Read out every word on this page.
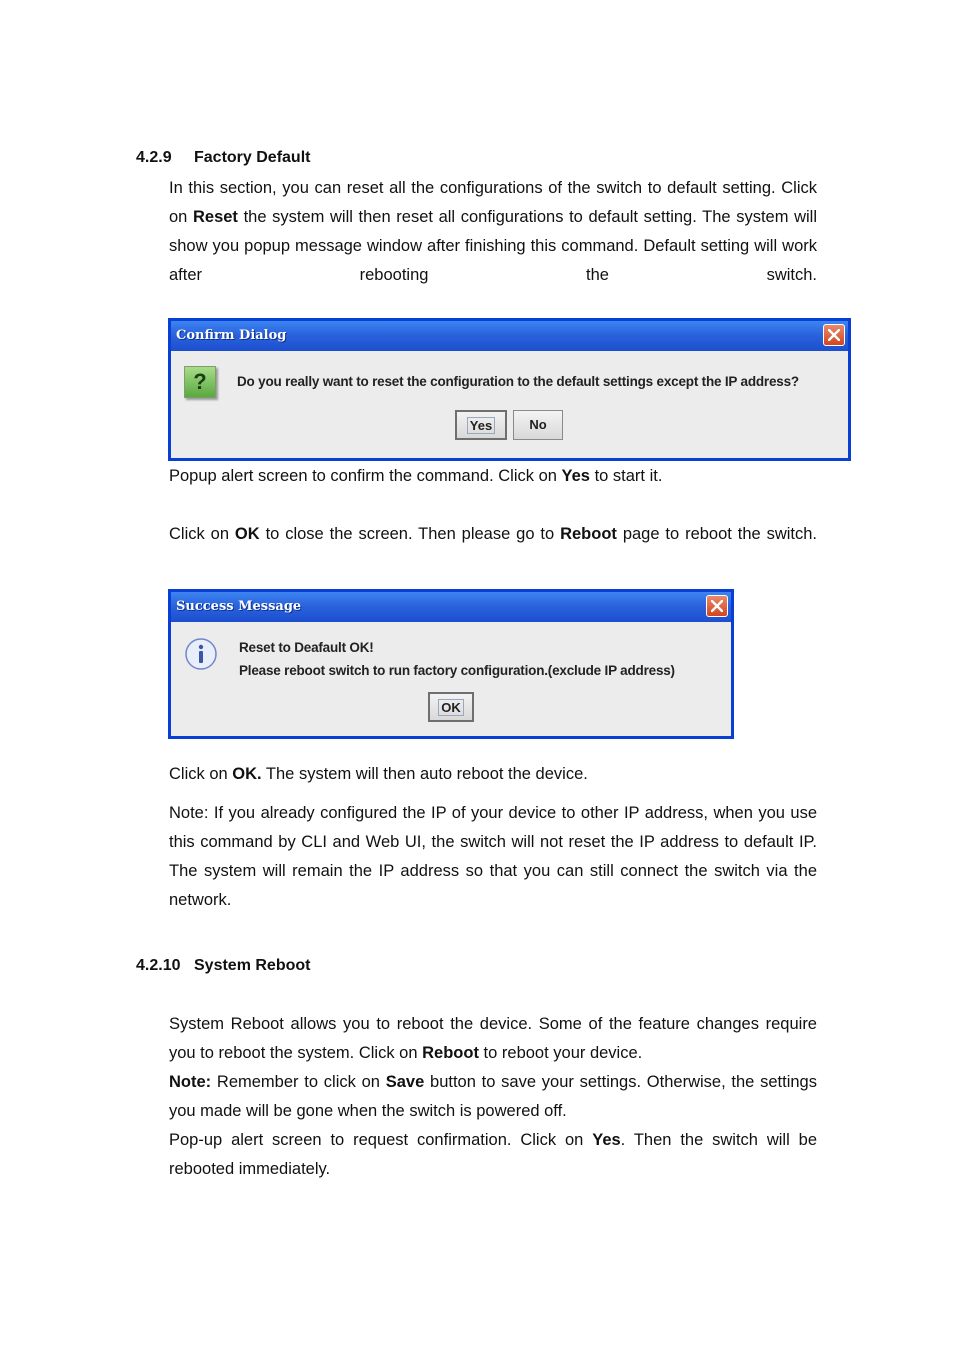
4.2.9 Factory Default
In this section, you can reset all the configurations of the switch to default setting. Click on Reset the system will then reset all configurations to default setting. The system will show you popup message window after finishing this command. Default setting will work after rebooting the switch.
Confirm Dialog
?	Do you really want to reset the configuration to the default settings except the IP address?
Yes	No
Popup alert screen to confirm the command. Click on Yes to start it.
Click on OK to close the screen. Then please go to Reboot page to reboot the switch.
Success Message
Reset to Deafault OK!
Please reboot switch to run factory configuration.(exclude IP address)
OK
Click on OK. The system will then auto reboot the device.
Note: If you already configured the IP of your device to other IP address, when you use this command by CLI and Web UI, the switch will not reset the IP address to default IP. The system will remain the IP address so that you can still connect the switch via the network.
4.2.10 System Reboot
System Reboot allows you to reboot the device. Some of the feature changes require you to reboot the system. Click on Reboot to reboot your device.
Note: Remember to click on Save button to save your settings. Otherwise, the settings you made will be gone when the switch is powered off.
Pop-up alert screen to request confirmation. Click on Yes. Then the switch will be rebooted immediately.
